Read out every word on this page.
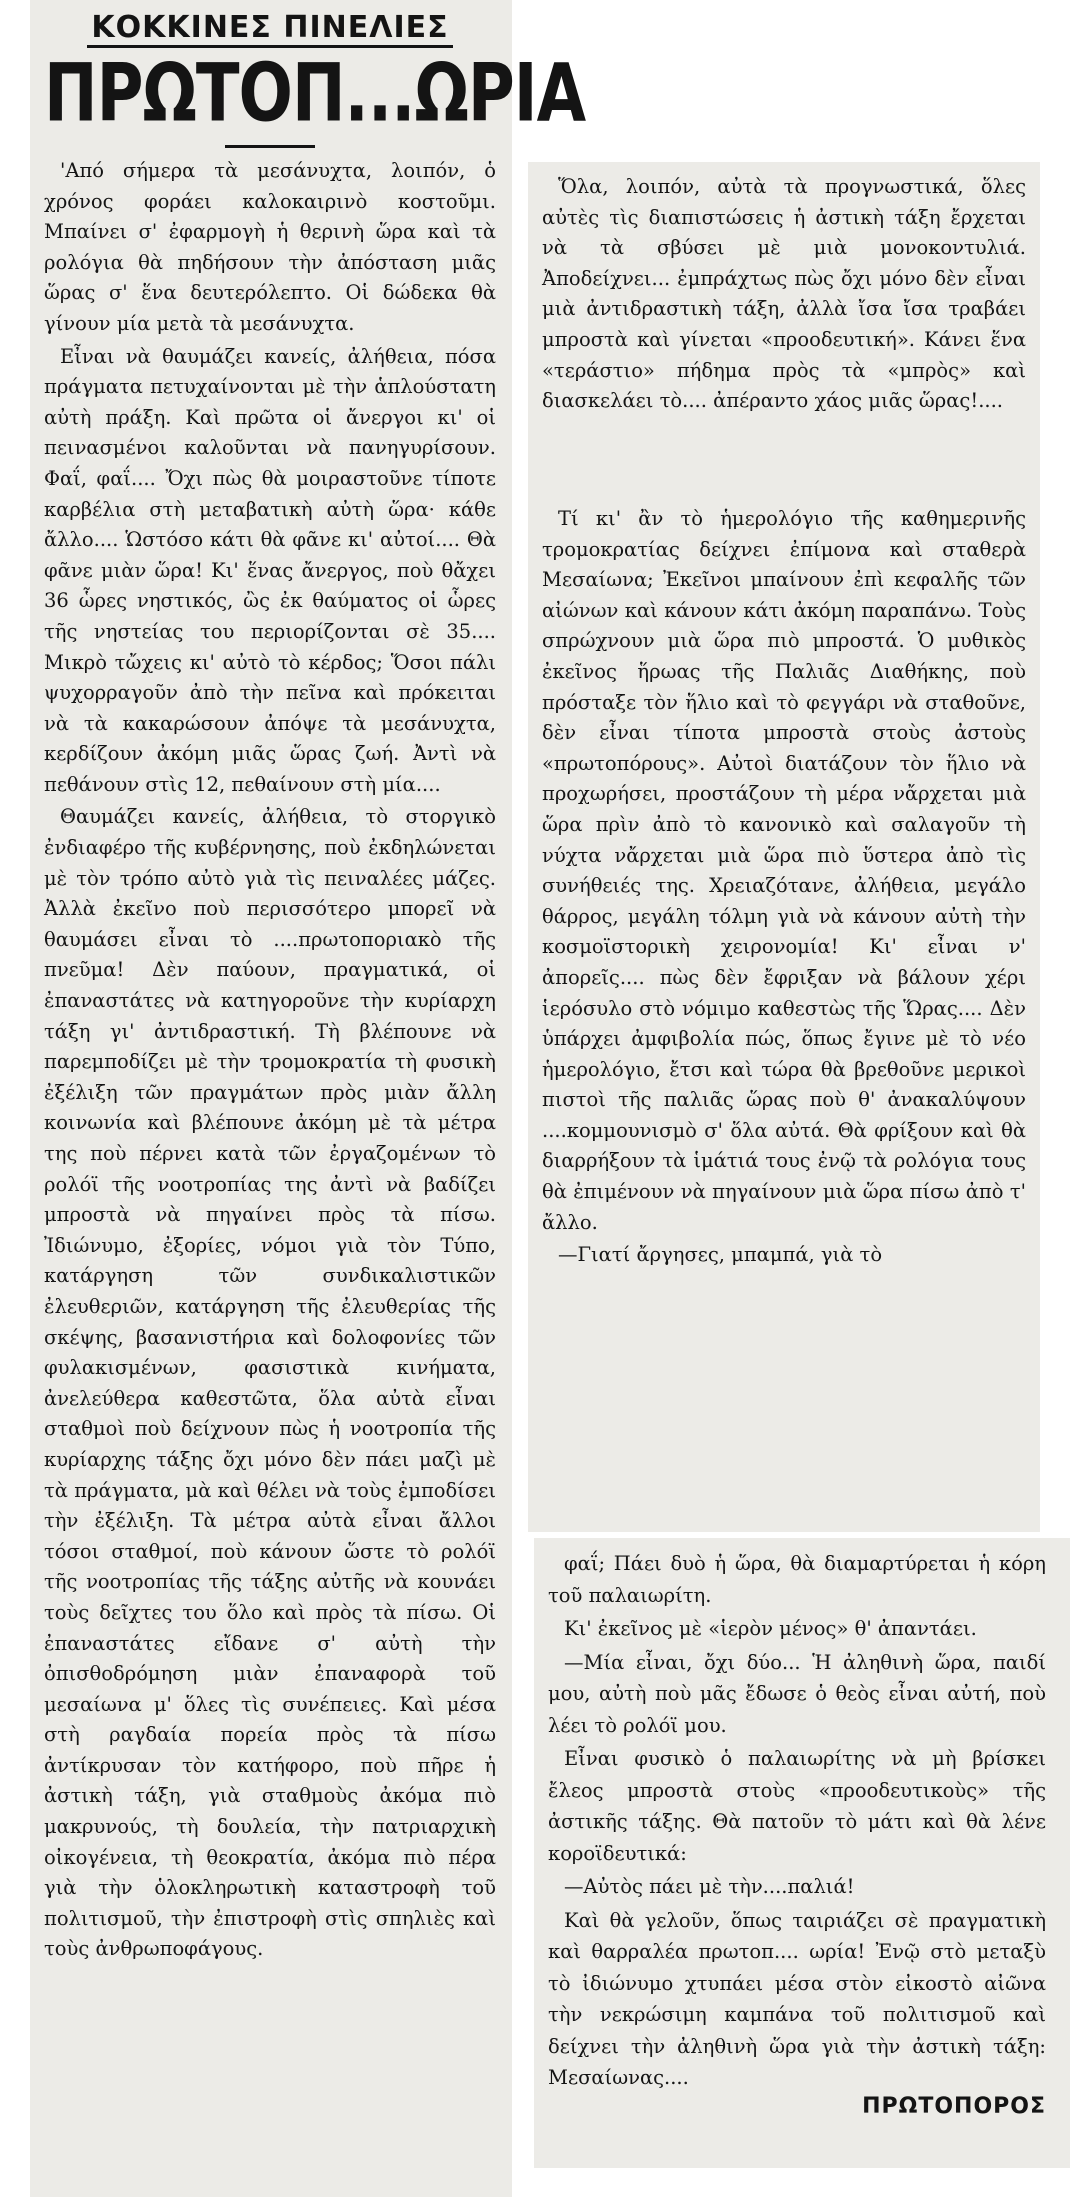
ΚΟΚΚΙΝΕΣ ΠΙΝΕΛΙΕΣ
ΠΡΩΤΟΠ...ΩΡΙΑ

'Από σήμερα τὰ μεσάνυχτα, λοιπόν, ὁ χρόνος φοράει καλοκαιρινὸ κοστοῦμι. Μπαίνει σ' ἐφαρμογὴ ἡ θερινὴ ὥρα καὶ τὰ ρολόγια θὰ πηδήσουν τὴν ἀπόσταση μιᾶς ὥρας σ' ἕνα δευτερόλεπτο. Οἱ δώδεκα θὰ γίνουν μία μετὰ τὰ μεσάνυχτα.

Εἶναι νὰ θαυμάζει κανείς, ἀλήθεια, πόσα πράγματα πετυχαίνονται μὲ τὴν ἁπλούστατη αὐτὴ πράξη. Καὶ πρῶτα οἱ ἄνεργοι κι' οἱ πεινασμένοι καλοῦνται νὰ πανηγυρίσουν. Φαΐ, φαΐ.... Ὄχι πὼς θὰ μοιραστοῦνε τίποτε καρβέλια στὴ μεταβατικὴ αὐτὴ ὥρα· κάθε ἄλλο.... Ὡστόσο κάτι θὰ φᾶνε κι' αὐτοί.... Θὰ φᾶνε μιὰν ὥρα! Κι' ἕνας ἄνεργος, ποὺ θἄχει 36 ὧρες νηστικός, ὢς ἐκ θαύματος οἱ ὧρες τῆς νηστείας του περιορίζονται σὲ 35.... Μικρὸ τὤχεις κι' αὐτὸ τὸ κέρδος; Ὅσοι πάλι ψυχορραγοῦν ἀπὸ τὴν πεῖνα καὶ πρόκειται νὰ τὰ κακαρώσουν ἀπόψε τὰ μεσάνυχτα, κερδίζουν ἀκόμη μιᾶς ὥρας ζωή. Ἀντὶ νὰ πεθάνουν στὶς 12, πεθαίνουν στὴ μία....

Θαυμάζει κανείς, ἀλήθεια, τὸ στοργικὸ ἐνδιαφέρο τῆς κυβέρνησης, ποὺ ἐκδηλώνεται μὲ τὸν τρόπο αὐτὸ γιὰ τὶς πειναλέες μάζες. Ἀλλὰ ἐκεῖνο ποὺ περισσότερο μπορεῖ νὰ θαυμάσει εἶναι τὸ ....πρωτοποριακὸ τῆς πνεῦμα! Δὲν παύουν, πραγματικά, οἱ ἐπαναστάτες νὰ κατηγοροῦνε τὴν κυρίαρχη τάξη γι' ἀντιδραστική. Τὴ βλέπουνε νὰ παρεμποδίζει μὲ τὴν τρομοκρατία τὴ φυσικὴ ἐξέλιξη τῶν πραγμάτων πρὸς μιὰν ἄλλη κοινωνία καὶ βλέπουνε ἀκόμη μὲ τὰ μέτρα της ποὺ πέρνει κατὰ τῶν ἐργαζομένων τὸ ρολόϊ τῆς νοοτροπίας της ἀντὶ νὰ βαδίζει μπροστὰ νὰ πηγαίνει πρὸς τὰ πίσω. Ἰδιώνυμο, ἐξορίες, νόμοι γιὰ τὸν Τύπο, κατάργηση τῶν συνδικαλιστικῶν ἐλευθεριῶν, κατάργηση τῆς ἐλευθερίας τῆς σκέψης, βασανιστήρια καὶ δολοφονίες τῶν φυλακισμένων, φασιστικὰ κινήματα, ἀνελεύθερα καθεστῶτα, ὅλα αὐτὰ εἶναι σταθμοὶ ποὺ δείχνουν πὼς ἡ νοοτροπία τῆς κυρίαρχης τάξης ὄχι μόνο δὲν πάει μαζὶ μὲ τὰ πράγματα, μὰ καὶ θέλει νὰ τοὺς ἐμποδίσει τὴν ἐξέλιξη. Τὰ μέτρα αὐτὰ εἶναι ἄλλοι τόσοι σταθμοί, ποὺ κάνουν ὥστε τὸ ρολόϊ τῆς νοοτροπίας τῆς τάξης αὐτῆς νὰ κουνάει τοὺς δεῖχτες του ὅλο καὶ πρὸς τὰ πίσω. Οἱ ἐπαναστάτες εἴδανε σ' αὐτὴ τὴν ὀπισθοδρόμηση μιὰν ἐπαναφορὰ τοῦ μεσαίωνα μ' ὅλες τὶς συνέπειες. Καὶ μέσα στὴ ραγδαία πορεία πρὸς τὰ πίσω ἀντίκρυσαν τὸν κατήφορο, ποὺ πῆρε ἡ ἀστικὴ τάξη, γιὰ σταθμοὺς ἀκόμα πιὸ μακρυνούς, τὴ δουλεία, τὴν πατριαρχικὴ οἰκογένεια, τὴ θεοκρατία, ἀκόμα πιὸ πέρα γιὰ τὴν ὁλοκληρωτικὴ καταστροφὴ τοῦ πολιτισμοῦ, τὴν ἐπιστροφὴ στὶς σπηλιὲς καὶ τοὺς ἀνθρωποφάγους.

Ὅλα, λοιπόν, αὐτὰ τὰ προγνωστικά, ὅλες αὐτὲς τὶς διαπιστώσεις ἡ ἀστικὴ τάξη ἔρχεται νὰ τὰ σβύσει μὲ μιὰ μονοκοντυλιά. Ἀποδείχνει... ἐμπράχτως πὼς ὄχι μόνο δὲν εἶναι μιὰ ἀντιδραστικὴ τάξη, ἀλλὰ ἴσα ἴσα τραβάει μπροστὰ καὶ γίνεται «προοδευτική». Κάνει ἕνα «τεράστιο» πήδημα πρὸς τὰ «μπρὸς» καὶ διασκελάει τὸ.... ἀπέραντο χάος μιᾶς ὥρας!....

Τί κι' ἂν τὸ ἡμερολόγιο τῆς καθημερινῆς τρομοκρατίας δείχνει ἐπίμονα καὶ σταθερὰ Μεσαίωνα; Ἐκεῖνοι μπαίνουν ἐπὶ κεφαλῆς τῶν αἰώνων καὶ κάνουν κάτι ἀκόμη παραπάνω. Τοὺς σπρώχνουν μιὰ ὥρα πιὸ μπροστά. Ὁ μυθικὸς ἐκεῖνος ἥρωας τῆς Παλιᾶς Διαθήκης, ποὺ πρόσταξε τὸν ἥλιο καὶ τὸ φεγγάρι νὰ σταθοῦνε, δὲν εἶναι τίποτα μπροστὰ στοὺς ἀστοὺς «πρωτοπόρους». Αὐτοὶ διατάζουν τὸν ἥλιο νὰ προχωρήσει, προστάζουν τὴ μέρα νἄρχεται μιὰ ὥρα πρὶν ἀπὸ τὸ κανονικὸ καὶ σαλαγοῦν τὴ νύχτα νἄρχεται μιὰ ὥρα πιὸ ὕστερα ἀπὸ τὶς συνήθειές της. Χρειαζότανε, ἀλήθεια, μεγάλο θάρρος, μεγάλη τόλμη γιὰ νὰ κάνουν αὐτὴ τὴν κοσμοϊστορικὴ χειρονομία! Κι' εἶναι ν' ἀπορεῖς.... πὼς δὲν ἔφριξαν νὰ βάλουν χέρι ἱερόσυλο στὸ νόμιμο καθεστὼς τῆς Ὥρας.... Δὲν ὑπάρχει ἀμφιβολία πώς, ὅπως ἔγινε μὲ τὸ νέο ἡμερολόγιο, ἔτσι καὶ τώρα θὰ βρεθοῦνε μερικοὶ πιστοὶ τῆς παλιᾶς ὥρας ποὺ θ' ἀνακαλύψουν ....κομμουνισμὸ σ' ὅλα αὐτά. Θὰ φρίξουν καὶ θὰ διαρρήξουν τὰ ἱμάτιά τους ἐνῷ τὰ ρολόγια τους θὰ ἐπιμένουν νὰ πηγαίνουν μιὰ ὥρα πίσω ἀπὸ τ' ἄλλο.

—Γιατί ἄργησες, μπαμπά, γιὰ τὸ

φαΐ; Πάει δυὸ ἡ ὥρα, θὰ διαμαρτύρεται ἡ κόρη τοῦ παλαιωρίτη.

Κι' ἐκεῖνος μὲ «ἱερὸν μένος» θ' ἀπαντάει.

—Μία εἶναι, ὄχι δύο... Ἡ ἀληθινὴ ὥρα, παιδί μου, αὐτὴ ποὺ μᾶς ἔδωσε ὁ θεὸς εἶναι αὐτή, ποὺ λέει τὸ ρολόϊ μου.

Εἶναι φυσικὸ ὁ παλαιωρίτης νὰ μὴ βρίσκει ἔλεος μπροστὰ στοὺς «προοδευτικοὺς» τῆς ἀστικῆς τάξης. Θὰ πατοῦν τὸ μάτι καὶ θὰ λένε κοροϊδευτικά:

—Αὐτὸς πάει μὲ τὴν....παλιά!

Καὶ θὰ γελοῦν, ὅπως ταιριάζει σὲ πραγματικὴ καὶ θαρραλέα πρωτοπ.... ωρία! Ἐνῷ στὸ μεταξὺ τὸ ἰδιώνυμο χτυπάει μέσα στὸν εἰκοστὸ αἰῶνα τὴν νεκρώσιμη καμπάνα τοῦ πολιτισμοῦ καὶ δείχνει τὴν ἀληθινὴ ὥρα γιὰ τὴν ἀστικὴ τάξη: Μεσαίωνας....

ΠΡΩΤΟΠΟΡΟΣ
